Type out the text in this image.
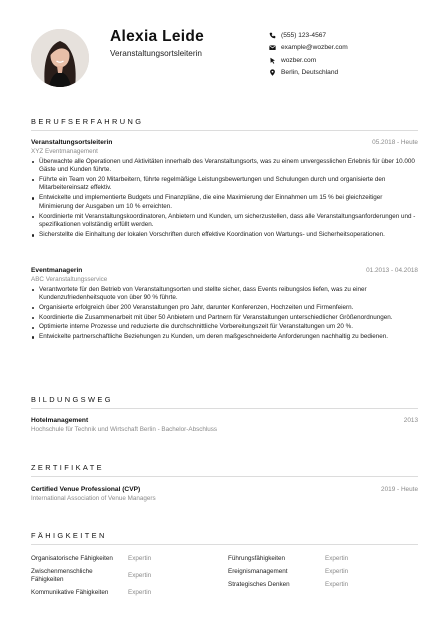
Alexia Leide
Veranstaltungsortsleiterin
(555) 123-4567
example@wozber.com
wozber.com
Berlin, Deutschland
BERUFSERFAHRUNG
Veranstaltungsortsleiterin	05.2018 - Heute
XYZ Eventmanagement
Überwachte alle Operationen und Aktivitäten innerhalb des Veranstaltungsorts, was zu einem unvergesslichen Erlebnis für über 10.000 Gäste und Kunden führte.
Führte ein Team von 20 Mitarbeitern, führte regelmäßige Leistungsbewertungen und Schulungen durch und organisierte den Mitarbeitereinsatz effektiv.
Entwickelte und implementierte Budgets und Finanzpläne, die eine Maximierung der Einnahmen um 15 % bei gleichzeitiger Minimierung der Ausgaben um 10 % erreichten.
Koordinierte mit Veranstaltungskoordinatoren, Anbietern und Kunden, um sicherzustellen, dass alle Veranstaltungsanforderungen und -spezifikationen vollständig erfüllt werden.
Sicherstellte die Einhaltung der lokalen Vorschriften durch effektive Koordination von Wartungs- und Sicherheitsoperationen.
Eventmanagerin	01.2013 - 04.2018
ABC Veranstaltungsservice
Verantwortete für den Betrieb von Veranstaltungsorten und stellte sicher, dass Events reibungslos liefen, was zu einer Kundenzufriedenheitsquote von über 90 % führte.
Organisierte erfolgreich über 200 Veranstaltungen pro Jahr, darunter Konferenzen, Hochzeiten und Firmenfeiern.
Koordinierte die Zusammenarbeit mit über 50 Anbietern und Partnern für Veranstaltungen unterschiedlicher Größenordnungen.
Optimierte interne Prozesse und reduzierte die durchschnittliche Vorbereitungszeit für Veranstaltungen um 20 %.
Entwickelte partnerschaftliche Beziehungen zu Kunden, um deren maßgeschneiderte Anforderungen nachhaltig zu bedienen.
BILDUNGSWEG
Hotelmanagement	2013
Hochschule für Technik und Wirtschaft Berlin - Bachelor-Abschluss
ZERTIFIKATE
Certified Venue Professional (CVP)	2019 - Heute
International Association of Venue Managers
FÄHIGKEITEN
Organisatorische Fähigkeiten	Expertin
Zwischenmenschliche Fähigkeiten	Expertin
Kommunikative Fähigkeiten	Expertin
Führungsfähigkeiten	Expertin
Ereignismanagement	Expertin
Strategisches Denken	Expertin
